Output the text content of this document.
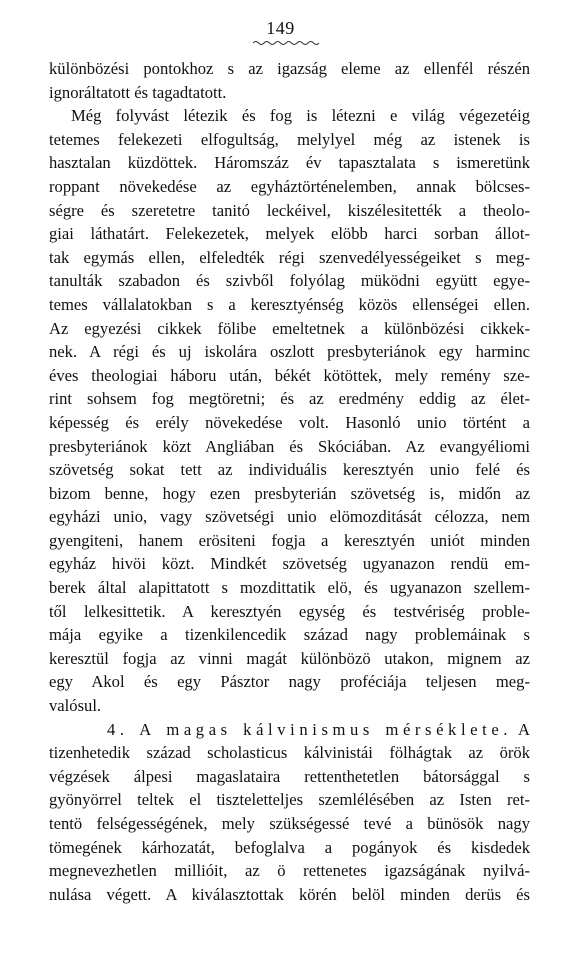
149
különbözési pontokhoz s az igazság eleme az ellenfél részén
ignoráltatott és tagadtatott.
Még folyvást létezik és fog is létezni e világ végezetéig
tetemes felekezeti elfogultság, melylyel még az istenek is
hasztalan küzdöttek. Háromszáz év tapasztalata s ismeretünk
roppant növekedése az egyháztörténelemben, annak bölcses-
ségre és szeretetre tanitó leckéivel, kiszélesitették a theolo-
giai láthatárt. Felekezetek, melyek elöbb harci sorban állot-
tak egymás ellen, elfeledték régi szenvedélyességeiket s meg-
tanulták szabadon és szivből folyólag müködni együtt egye-
temes vállalatokban s a keresztyénség közös ellenségei ellen.
Az egyezési cikkek fölibe emeltetnek a különbözési cikkek-
nek. A régi és uj iskolára oszlott presbyteriánok egy harminc
éves theologiai háboru után, békét kötöttek, mely remény sze-
rint sohsem fog megtöretni; és az eredmény eddig az élet-
képesség és erély növekedése volt. Hasonló unio történt a
presbyteriánok közt Angliában és Skóciában. Az evangyéliomi
szövetség sokat tett az individuális keresztyén unio felé és
bizom benne, hogy ezen presbyterián szövetség is, midőn az
egyházi unio, vagy szövetségi unio elömozditását célozza, nem
gyengiteni, hanem erösiteni fogja a keresztyén uniót minden
egyház hivöi közt. Mindkét szövetség ugyanazon rendü em-
berek által alapittatott s mozdittatik elö, és ugyanazon szellem-
től lelkesittetik. A keresztyén egység és testvériség proble-
mája egyike a tizenkilencedik század nagy problemáinak s
keresztül fogja az vinni magát különbözö utakon, mignem az
egy Akol és egy Pásztor nagy proféciája teljesen meg-
valósul.
4. A magas kálvinismus mérséklete. A
tizenhetedik század scholasticus kálvinistái fölhágtak az örök
végzések álpesi magaslataira rettenthetetlen bátorsággal s
gyönyörrel teltek el tiszteletteljes szemlélésében az Isten ret-
tentö felségességének, mely szükségessé tevé a bünösök nagy
tömegének kárhozatát, befoglalva a pogányok és kisdedek
megnevezhetlen millióit, az ö rettenetes igazságának nyilvá-
nulása végett. A kiválasztottak körén belöl minden derüs és
